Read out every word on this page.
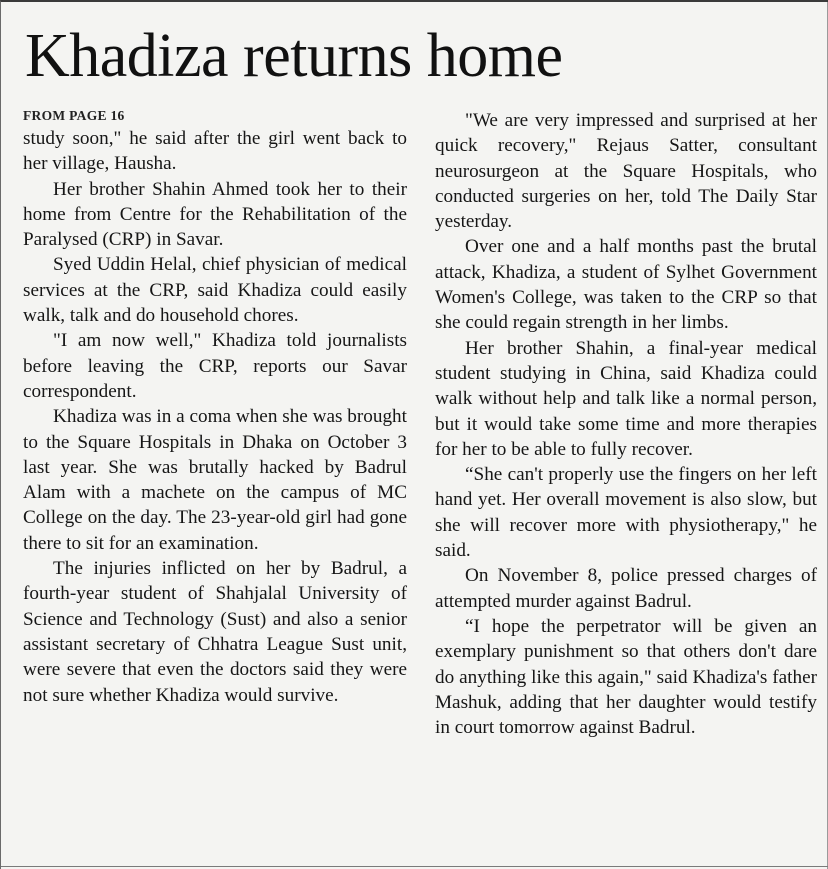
Khadiza returns home
FROM PAGE 16

study soon," he said after the girl went back to her village, Hausha.

Her brother Shahin Ahmed took her to their home from Centre for the Rehabilitation of the Paralysed (CRP) in Savar.

Syed Uddin Helal, chief physician of medical services at the CRP, said Khadiza could easily walk, talk and do household chores.

"I am now well," Khadiza told journalists before leaving the CRP, reports our Savar correspondent.

Khadiza was in a coma when she was brought to the Square Hospitals in Dhaka on October 3 last year. She was brutally hacked by Badrul Alam with a machete on the campus of MC College on the day. The 23-year-old girl had gone there to sit for an examination.

The injuries inflicted on her by Badrul, a fourth-year student of Shahjalal University of Science and Technology (Sust) and also a senior assistant secretary of Chhatra League Sust unit, were severe that even the doctors said they were not sure whether Khadiza would survive.

"We are very impressed and surprised at her quick recovery," Rejaus Satter, consultant neurosurgeon at the Square Hospitals, who conducted surgeries on her, told The Daily Star yesterday.

Over one and a half months past the brutal attack, Khadiza, a student of Sylhet Government Women's College, was taken to the CRP so that she could regain strength in her limbs.

Her brother Shahin, a final-year medical student studying in China, said Khadiza could walk without help and talk like a normal person, but it would take some time and more therapies for her to be able to fully recover.

“She can't properly use the fingers on her left hand yet. Her overall movement is also slow, but she will recover more with physiotherapy," he said.

On November 8, police pressed charges of attempted murder against Badrul.

“I hope the perpetrator will be given an exemplary punishment so that others don't dare do anything like this again," said Khadiza's father Mashuk, adding that her daughter would testify in court tomorrow against Badrul.
